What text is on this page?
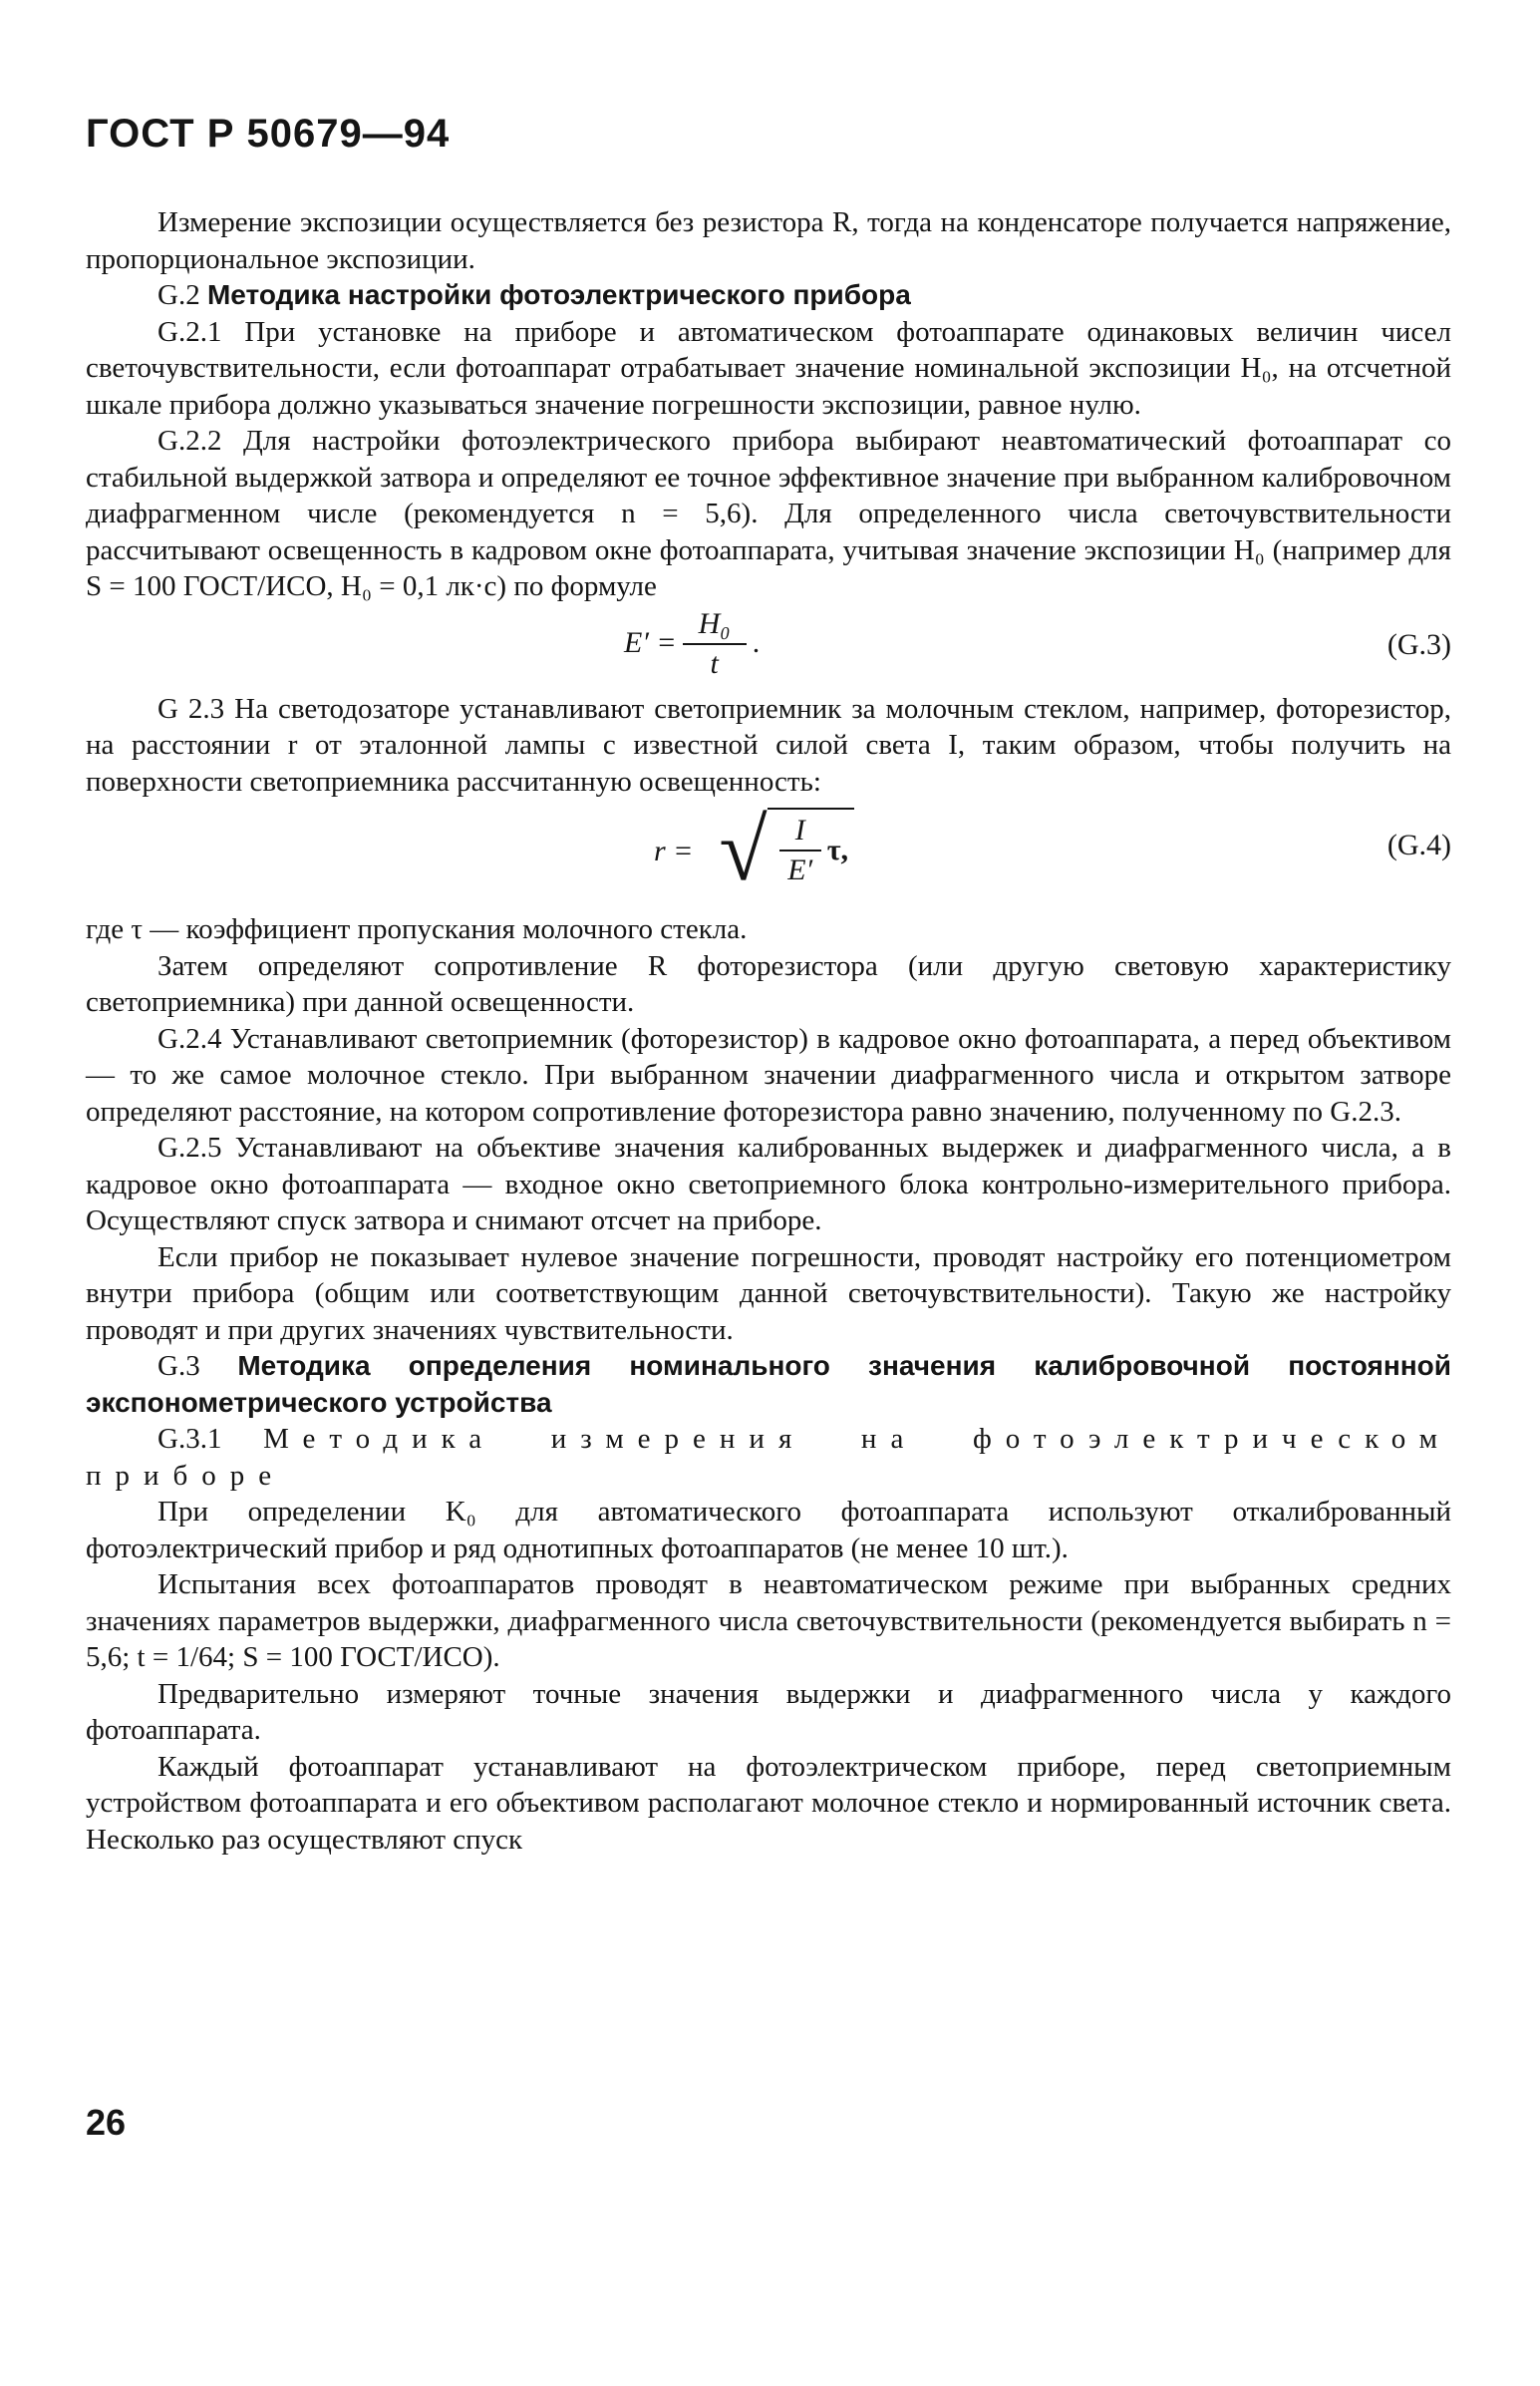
ГОСТ Р 50679—94

Измерение экспозиции осуществляется без резистора R, тогда на конденсаторе получается напряжение, пропорциональное экспозиции.

G.2 Методика настройки фотоэлектрического прибора

G.2.1 При установке на приборе и автоматическом фотоаппарате одинаковых величин чисел светочувствительности, если фотоаппарат отрабатывает значение номинальной экспозиции H₀, на отсчетной шкале прибора должно указываться значение погрешности экспозиции, равное нулю.

G.2.2 Для настройки фотоэлектрического прибора выбирают неавтоматический фотоаппарат со стабильной выдержкой затвора и определяют ее точное эффективное значение при выбранном калибровочном диафрагменном числе (рекомендуется n = 5,6). Для определенного числа светочувствительности рассчитывают освещенность в кадровом окне фотоаппарата, учитывая значение экспозиции H₀ (например для S = 100 ГОСТ/ИСО, H₀ = 0,1 лк·с) по формуле

$E' = \frac{\text{H₀}}{t}$ .	(G.3)

G 2.3 На светодозаторе устанавливают светоприемник за молочным стеклом, например, фоторезистор, на расстоянии r от эталонной лампы с известной силой света I, таким образом, чтобы получить на поверхности светоприемника рассчитанную освещенность:

r = √ $\frac{I}{E'} \tau$,	(G.4)

где τ — коэффициент пропускания молочного стекла.

Затем определяют сопротивление R фоторезистора (или другую световую характеристику светоприемника) при данной освещенности.

G.2.4 Устанавливают светоприемник (фоторезистор) в кадровое окно фотоаппарата, а перед объективом — то же самое молочное стекло. При выбранном значении диафрагменного числа и открытом затворе определяют расстояние, на котором сопротивление фоторезистора равно значению, полученному по G.2.3.

G.2.5 Устанавливают на объективе значения калиброванных выдержек и диафрагменного числа, а в кадровое окно фотоаппарата — входное окно светоприемного блока контрольно-измерительного прибора. Осуществляют спуск затвора и снимают отсчет на приборе.

Если прибор не показывает нулевое значение погрешности, проводят настройку его потенциометром внутри прибора (общим или соответствующим данной светочувствительности). Такую же настройку проводят и при других значениях чувствительности.

G.3 Методика определения номинального значения калибровочной постоянной экспонометрического устройства

G.3.1 Методика измерения на фотоэлектрическом приборе

При определении K₀ для автоматического фотоаппарата используют откалиброванный фотоэлектрический прибор и ряд однотипных фотоаппаратов (не менее 10 шт.).

Испытания всех фотоаппаратов проводят в неавтоматическом режиме при выбранных средних значениях параметров выдержки, диафрагменного числа светочувствительности (рекомендуется выбирать n = 5,6; t = 1/64; S = 100 ГОСТ/ИСО).

Предварительно измеряют точные значения выдержки и диафрагменного числа у каждого фотоаппарата.

Каждый фотоаппарат устанавливают на фотоэлектрическом приборе, перед светоприемным устройством фотоаппарата и его объективом располагают молочное стекло и нормированный источник света. Несколько раз осуществляют спуск

26
